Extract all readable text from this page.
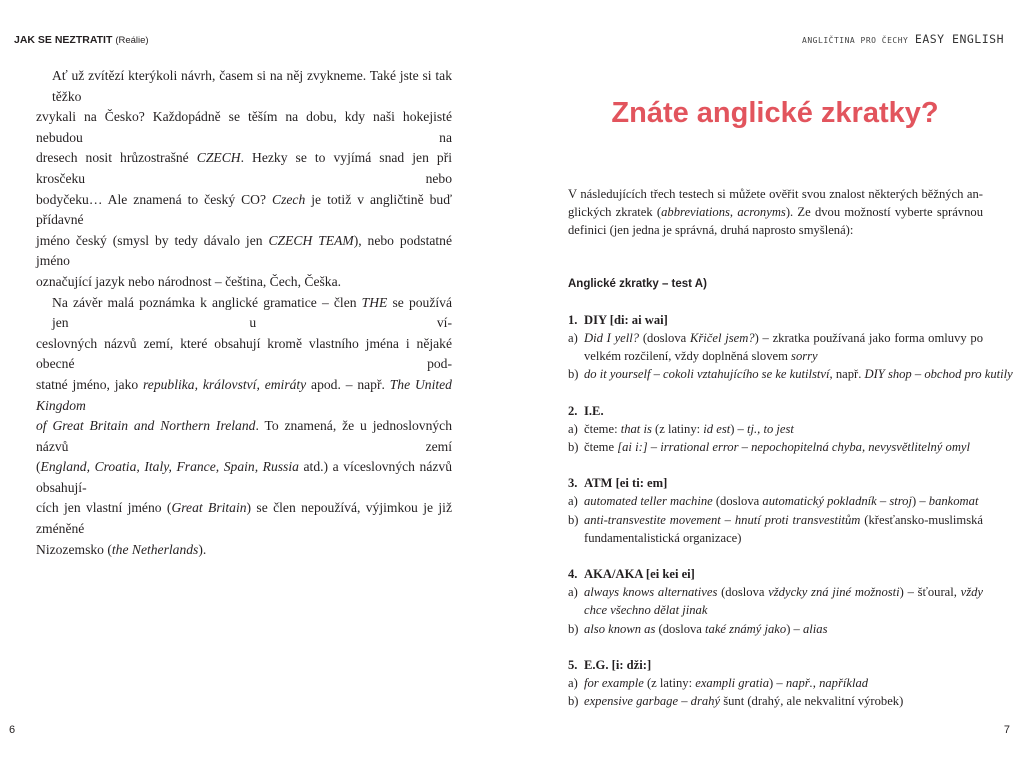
JAK SE NEZTRATIT (Reálie)
Ať už zvítězí kterýkoli návrh, časem si na něj zvykneme. Také jste si tak těžko
zvykali na Česko? Každopádně se těším na dobu, kdy naši hokejisté nebudou na
dresech nosit hrůzostrašné CZECH. Hezky se to vyjímá snad jen při krosčeku nebo
bodyčeku… Ale znamená to český CO? Czech je totiž v angličtině buď přídavné
jméno český (smysl by tedy dávalo jen CZECH TEAM), nebo podstatné jméno
označující jazyk nebo národnost – čeština, Čech, Češka.
Na závěr malá poznámka k anglické gramatice – člen THE se používá jen u ví-
ceslovných názvů zemí, které obsahují kromě vlastního jména i nějaké obecné pod-
statné jméno, jako republika, království, emiráty apod. – např. The United Kingdom
of Great Britain and Northern Ireland. To znamená, že u jednoslovných názvů zemí
(England, Croatia, Italy, France, Spain, Russia atd.) a víceslovných názvů obsahují-
cích jen vlastní jméno (Great Britain) se člen nepoužívá, výjimkou je již zméněné
Nizozemsko (the Netherlands).
6
ANGLIČTINA PRO ČECHY EASY ENGLISH
Znáte anglické zkratky?
7
V následujících třech testech si můžete ověřit svou znalost některých běžných an-
glických zkratek (abbreviations, acronyms). Ze dvou možností vyberte správnou
definici (jen jedna je správná, druhá naprosto smyšlená):
Anglické zkratky – test A)
1. DIY [di: ai wai]
a) Did I yell? (doslova Křičel jsem?) – zkratka používaná jako forma omluvy po
velkém rozčilení, vždy doplněná slovem sorry
b) do it yourself – cokoli vztahujícího se ke kutilství, např. DIY shop – obchod pro kutily
2. I.E.
a) čteme: that is (z latiny: id est) – tj., to jest
b) čteme [ai i:] – irrational error – nepochopitelná chyba, nevysvětlitelný omyl
3. ATM [ei ti: em]
a) automated teller machine (doslova automatický pokladník – stroj) – bankomat
b) anti-transvestite movement – hnutí proti transvestitům (křesťansko-muslimská
fundamentalistická organizace)
4. AKA/AKA [ei kei ei]
a) always knows alternatives (doslova vždycky zná jiné možnosti) – šťoural, vždy
chce všechno dělat jinak
b) also known as (doslova také známý jako) – alias
5. E.G. [i: dži:]
a) for example (z latiny: exampli gratia) – např., například
b) expensive garbage – drahý šunt (drahý, ale nekvalitní výrobek)
